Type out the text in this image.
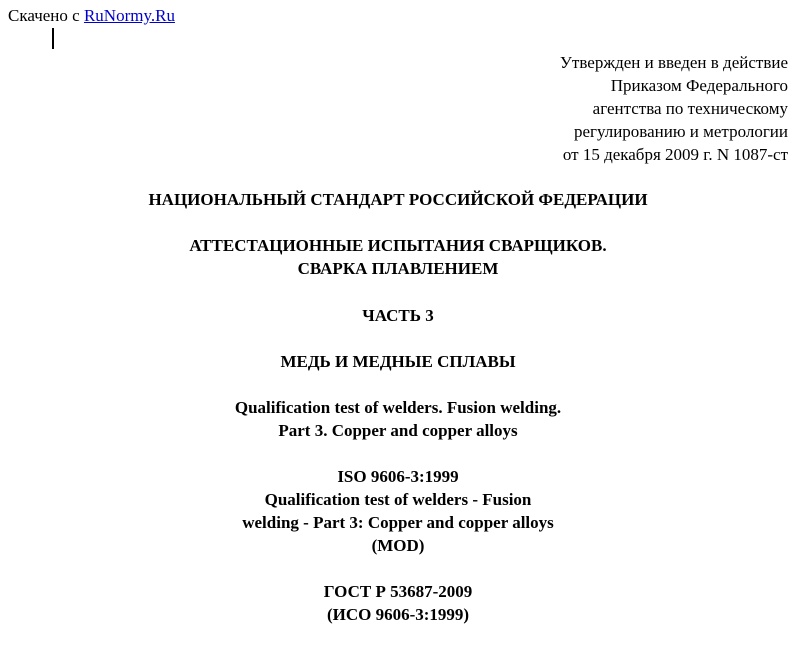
Скачено с RuNormy.Ru
Утвержден и введен в действие
Приказом Федерального
агентства по техническому
регулированию и метрологии
от 15 декабря 2009 г. N 1087-ст
НАЦИОНАЛЬНЫЙ СТАНДАРТ РОССИЙСКОЙ ФЕДЕРАЦИИ
АТТЕСТАЦИОННЫЕ ИСПЫТАНИЯ СВАРЩИКОВ.
СВАРКА ПЛАВЛЕНИЕМ
ЧАСТЬ 3
МЕДЬ И МЕДНЫЕ СПЛАВЫ
Qualification test of welders. Fusion welding.
Part 3. Copper and copper alloys
ISO 9606-3:1999
Qualification test of welders - Fusion
welding - Part 3: Copper and copper alloys
(MOD)
ГОСТ Р 53687-2009
(ИСО 9606-3:1999)
